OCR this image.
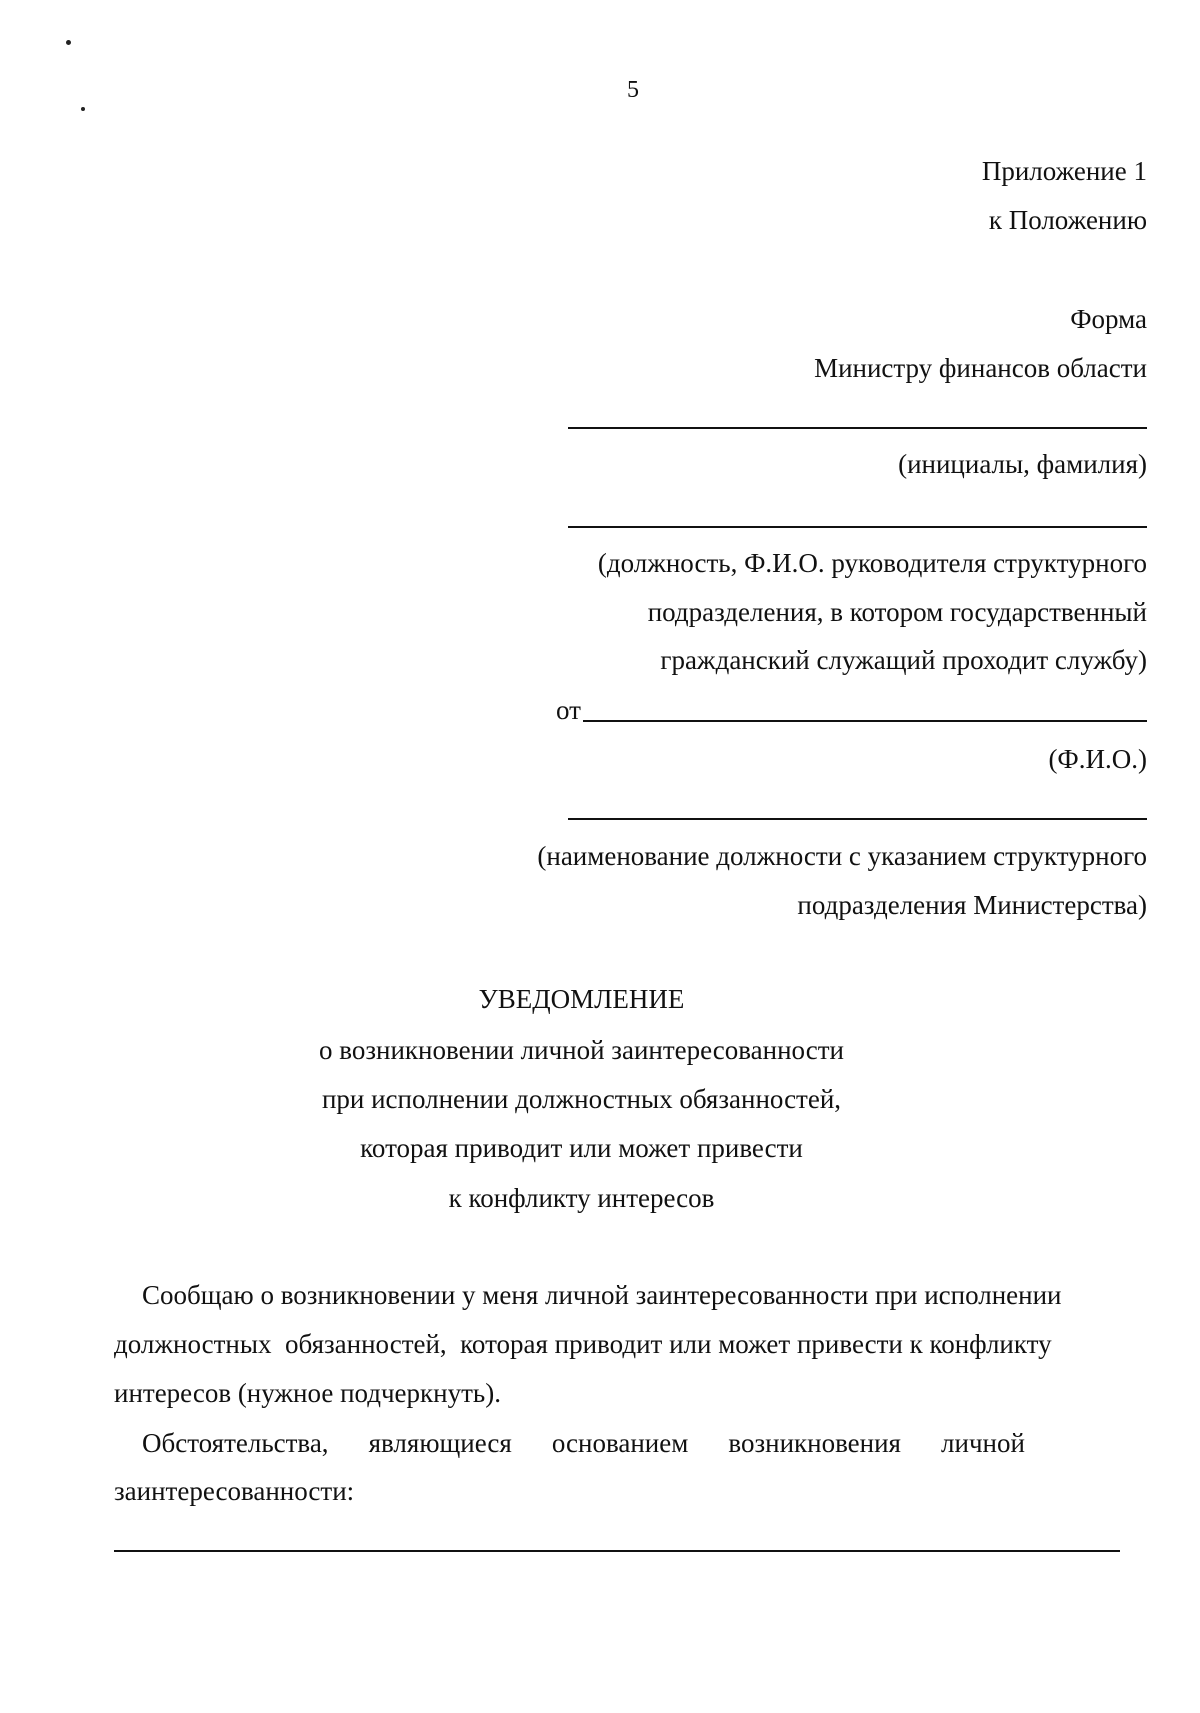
5
Приложение 1
к Положению
Форма
Министру финансов области
(инициалы, фамилия)
(должность, Ф.И.О. руководителя структурного
подразделения, в котором государственный
гражданский служащий проходит службу)
от
(Ф.И.О.)
(наименование должности с указанием структурного
подразделения Министерства)
УВЕДОМЛЕНИЕ
о возникновении личной заинтересованности
при исполнении должностных обязанностей,
которая приводит или может привести
к конфликту интересов
Сообщаю о возникновении у меня личной заинтересованности при исполнении
должностных  обязанностей,  которая приводит или может привести к конфликту
интересов (нужное подчеркнуть).
Обстоятельства, являющиеся основанием возникновения личной
заинтересованности:
